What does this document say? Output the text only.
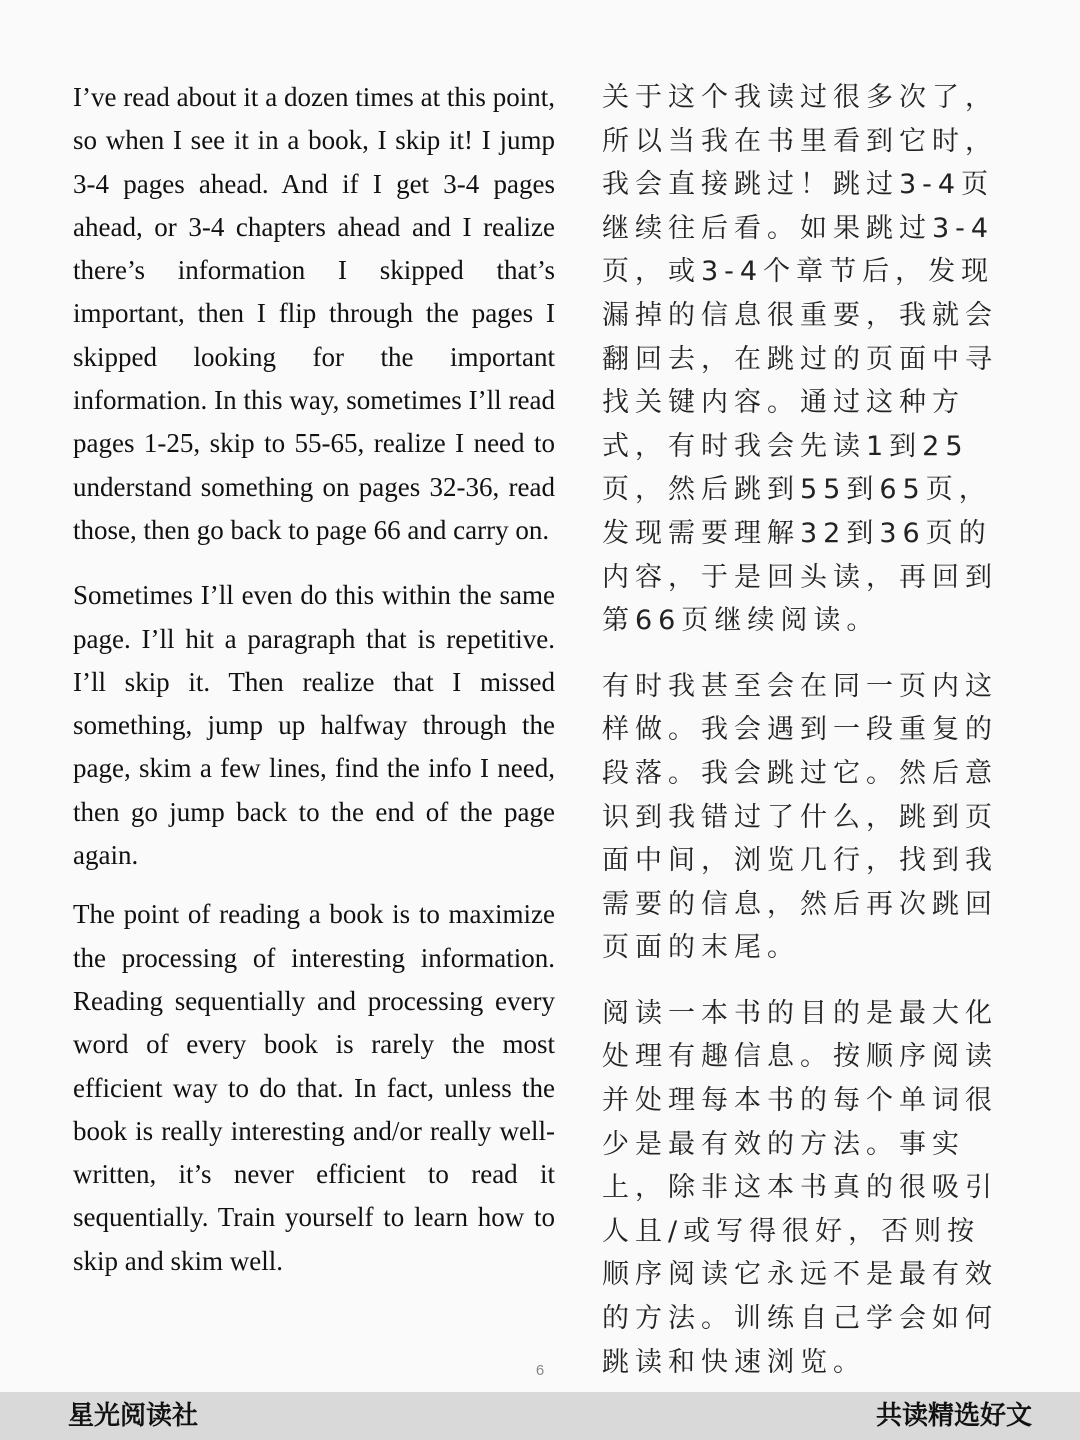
I’ve read about it a dozen times at this point, so when I see it in a book, I skip it! I jump 3-4 pages ahead. And if I get 3-4 pages ahead, or 3-4 chapters ahead and I realize there’s information I skipped that’s important, then I flip through the pages I skipped looking for the important information. In this way, sometimes I’ll read pages 1-25, skip to 55-65, realize I need to understand something on pages 32-36, read those, then go back to page 66 and carry on.

Sometimes I’ll even do this within the same page. I’ll hit a paragraph that is repetitive. I’ll skip it. Then realize that I missed something, jump up halfway through the page, skim a few lines, find the info I need, then go jump back to the end of the page again.

The point of reading a book is to maximize the processing of interesting information. Reading sequentially and processing every word of every book is rarely the most efficient way to do that. In fact, unless the book is really interesting and/or really well-written, it’s never efficient to read it sequentially. Train yourself to learn how to skip and skim well.

关于这个我读过很多次了，所以当我在书里看到它时，我会直接跳过！跳过3-4页继续往后看。如果跳过3-4页，或3-4个章节后，发现漏掉的信息很重要，我就会翻回去，在跳过的页面中寻找关键内容。通过这种方式，有时我会先读1到25页，然后跳到55到65页，发现需要理解32到36页的内容，于是回头读，再回到第66页继续阅读。

有时我甚至会在同一页内这样做。我会遇到一段重复的段落。我会跳过它。然后意识到我错过了什么，跳到页面中间，浏览几行，找到我需要的信息，然后再次跳回页面的末尾。

阅读一本书的目的是最大化处理有趣信息。按顺序阅读并处理每本书的每个单词很少是最有效的方法。事实上，除非这本书真的很吸引人且/或写得很好，否则按顺序阅读它永远不是最有效的方法。训练自己学会如何跳读和快速浏览。

6
星光阅读社	共读精选好文
